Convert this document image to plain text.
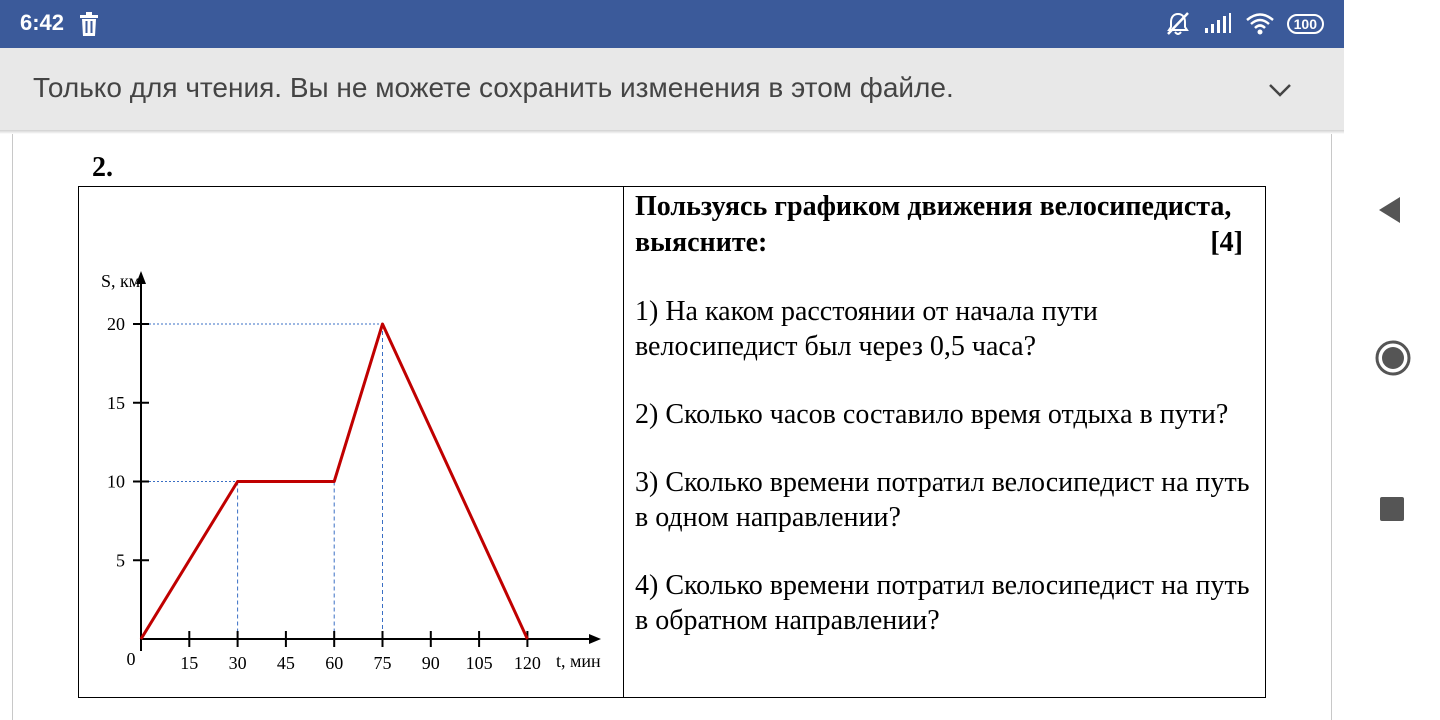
6:42	100
Только для чтения. Вы не можете сохранить изменения в этом файле.
2.
15 30 45 60 75 90 105 120
0	t, мин
5
10
15
20
S, км
Пользуясь графиком движения велосипедиста, выясните:	[4]
1) На каком расстоянии от начала пути велосипедист был через 0,5 часа?
2) Сколько часов составило время отдыха в пути?
3) Сколько времени потратил велосипедист на путь в одном направлении?
4) Сколько времени потратил велосипедист на путь в обратном направлении?
